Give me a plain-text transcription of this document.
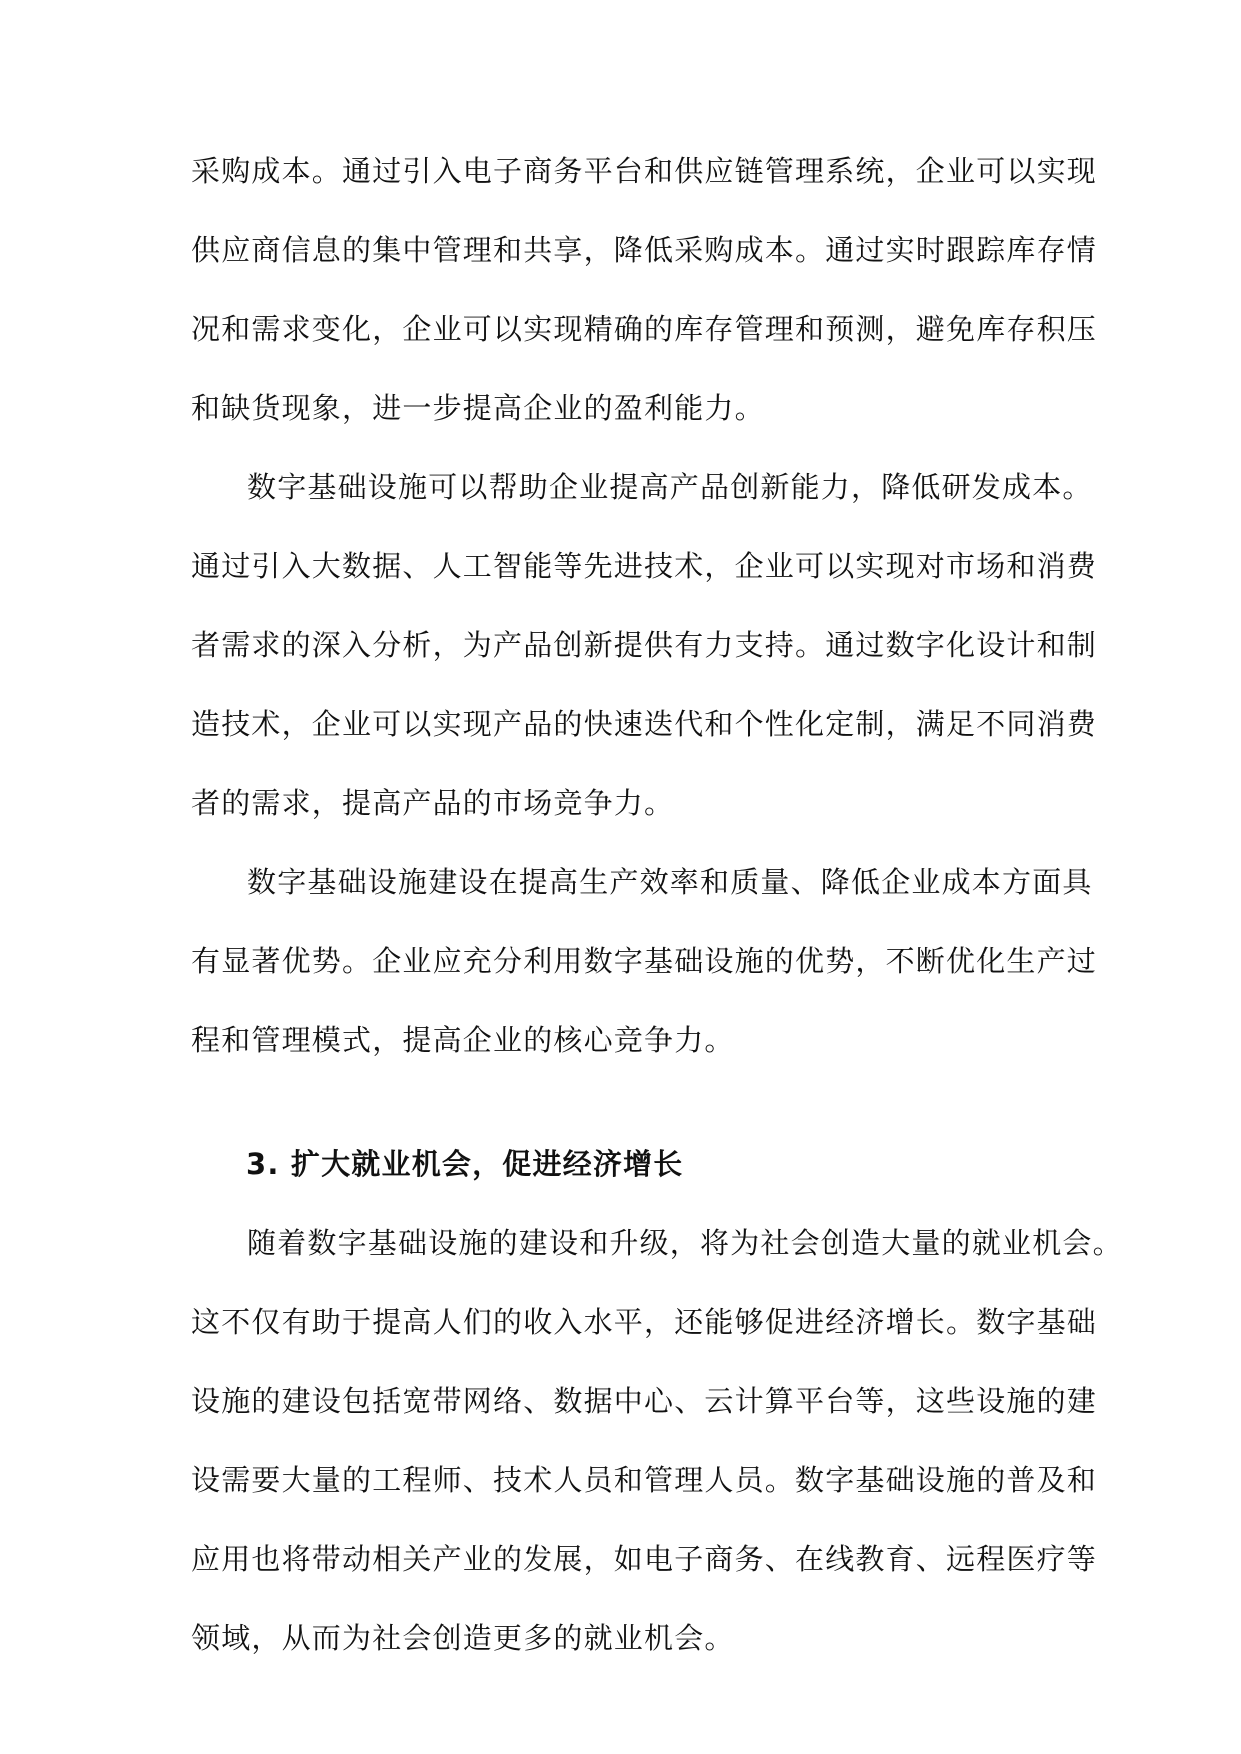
采购成本。通过引入电子商务平台和供应链管理系统，企业可以实现
供应商信息的集中管理和共享，降低采购成本。通过实时跟踪库存情
况和需求变化，企业可以实现精确的库存管理和预测，避免库存积压
和缺货现象，进一步提高企业的盈利能力。
数字基础设施可以帮助企业提高产品创新能力，降低研发成本。
通过引入大数据、人工智能等先进技术，企业可以实现对市场和消费
者需求的深入分析，为产品创新提供有力支持。通过数字化设计和制
造技术，企业可以实现产品的快速迭代和个性化定制，满足不同消费
者的需求，提高产品的市场竞争力。
数字基础设施建设在提高生产效率和质量、降低企业成本方面具
有显著优势。企业应充分利用数字基础设施的优势，不断优化生产过
程和管理模式，提高企业的核心竞争力。
3. 扩大就业机会，促进经济增长
随着数字基础设施的建设和升级，将为社会创造大量的就业机会。
这不仅有助于提高人们的收入水平，还能够促进经济增长。数字基础
设施的建设包括宽带网络、数据中心、云计算平台等，这些设施的建
设需要大量的工程师、技术人员和管理人员。数字基础设施的普及和
应用也将带动相关产业的发展，如电子商务、在线教育、远程医疗等
领域，从而为社会创造更多的就业机会。
